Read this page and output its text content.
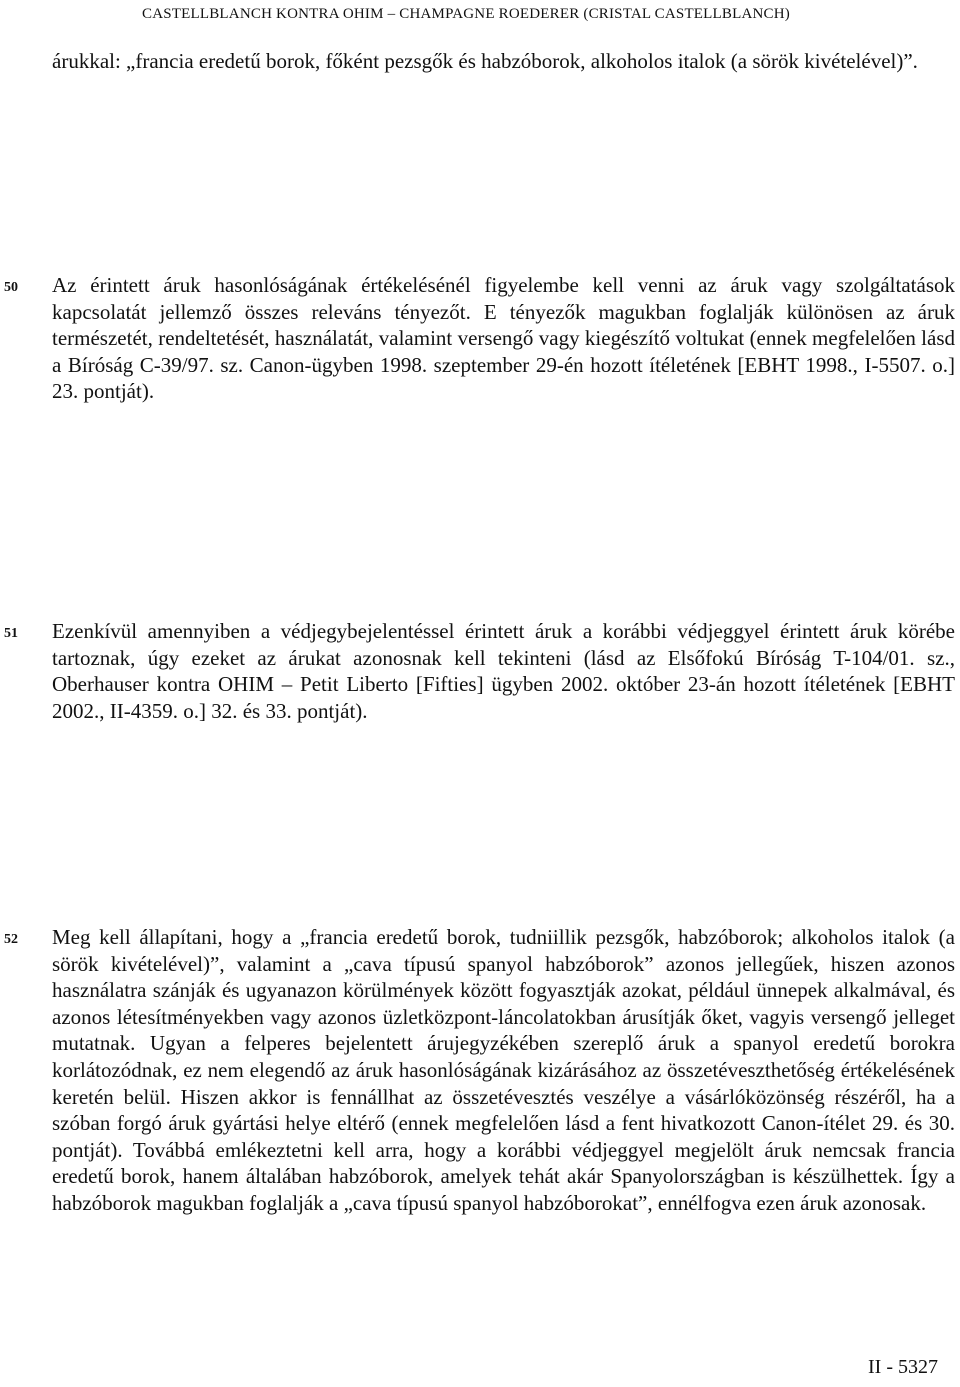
CASTELLBLANCH KONTRA OHIM – CHAMPAGNE ROEDERER (CRISTAL CASTELLBLANCH)
árukkal: „francia eredetű borok, főként pezsgők és habzóborok, alkoholos italok (a sörök kivételével)”.
50 Az érintett áruk hasonlóságának értékelésénél figyelembe kell venni az áruk vagy szolgáltatások kapcsolatát jellemző összes releváns tényezőt. E tényezők magukban foglalják különösen az áruk természetét, rendeltetését, használatát, valamint versengő vagy kiegészítő voltukat (ennek megfelelően lásd a Bíróság C-39/97. sz. Canon-ügyben 1998. szeptember 29-én hozott ítéletének [EBHT 1998., I-5507. o.] 23. pontját).
51 Ezenkívül amennyiben a védjegybejelentéssel érintett áruk a korábbi védjeggyel érintett áruk körébe tartoznak, úgy ezeket az árukat azonosnak kell tekinteni (lásd az Elsőfokú Bíróság T-104/01. sz., Oberhauser kontra OHIM – Petit Liberto [Fifties] ügyben 2002. október 23-án hozott ítéletének [EBHT 2002., II-4359. o.] 32. és 33. pontját).
52 Meg kell állapítani, hogy a „francia eredetű borok, tudniillik pezsgők, habzóborok; alkoholos italok (a sörök kivételével)”, valamint a „cava típusú spanyol habzóborok” azonos jellegűek, hiszen azonos használatra szánják és ugyanazon körülmények között fogyasztják azokat, például ünnepek alkalmával, és azonos létesítményekben vagy azonos üzletközpont-láncolatokban árusítják őket, vagyis versengő jelleget mutatnak. Ugyan a felperes bejelentett árujegyzékében szereplő áruk a spanyol eredetű borokra korlátozódnak, ez nem elegendő az áruk hasonlóságának kizárásához az összetéveszthetőség értékelésének keretén belül. Hiszen akkor is fennállhat az összetévesztés veszélye a vásárlóközönség részéről, ha a szóban forgó áruk gyártási helye eltérő (ennek megfelelően lásd a fent hivatkozott Canon-ítélet 29. és 30. pontját). Továbbá emlékeztetni kell arra, hogy a korábbi védjeggyel megjelölt áruk nemcsak francia eredetű borok, hanem általában habzóborok, amelyek tehát akár Spanyolországban is készülhettek. Így a habzóborok magukban foglalják a „cava típusú spanyol habzóborokat”, ennélfogva ezen áruk azonosak.
II - 5327
